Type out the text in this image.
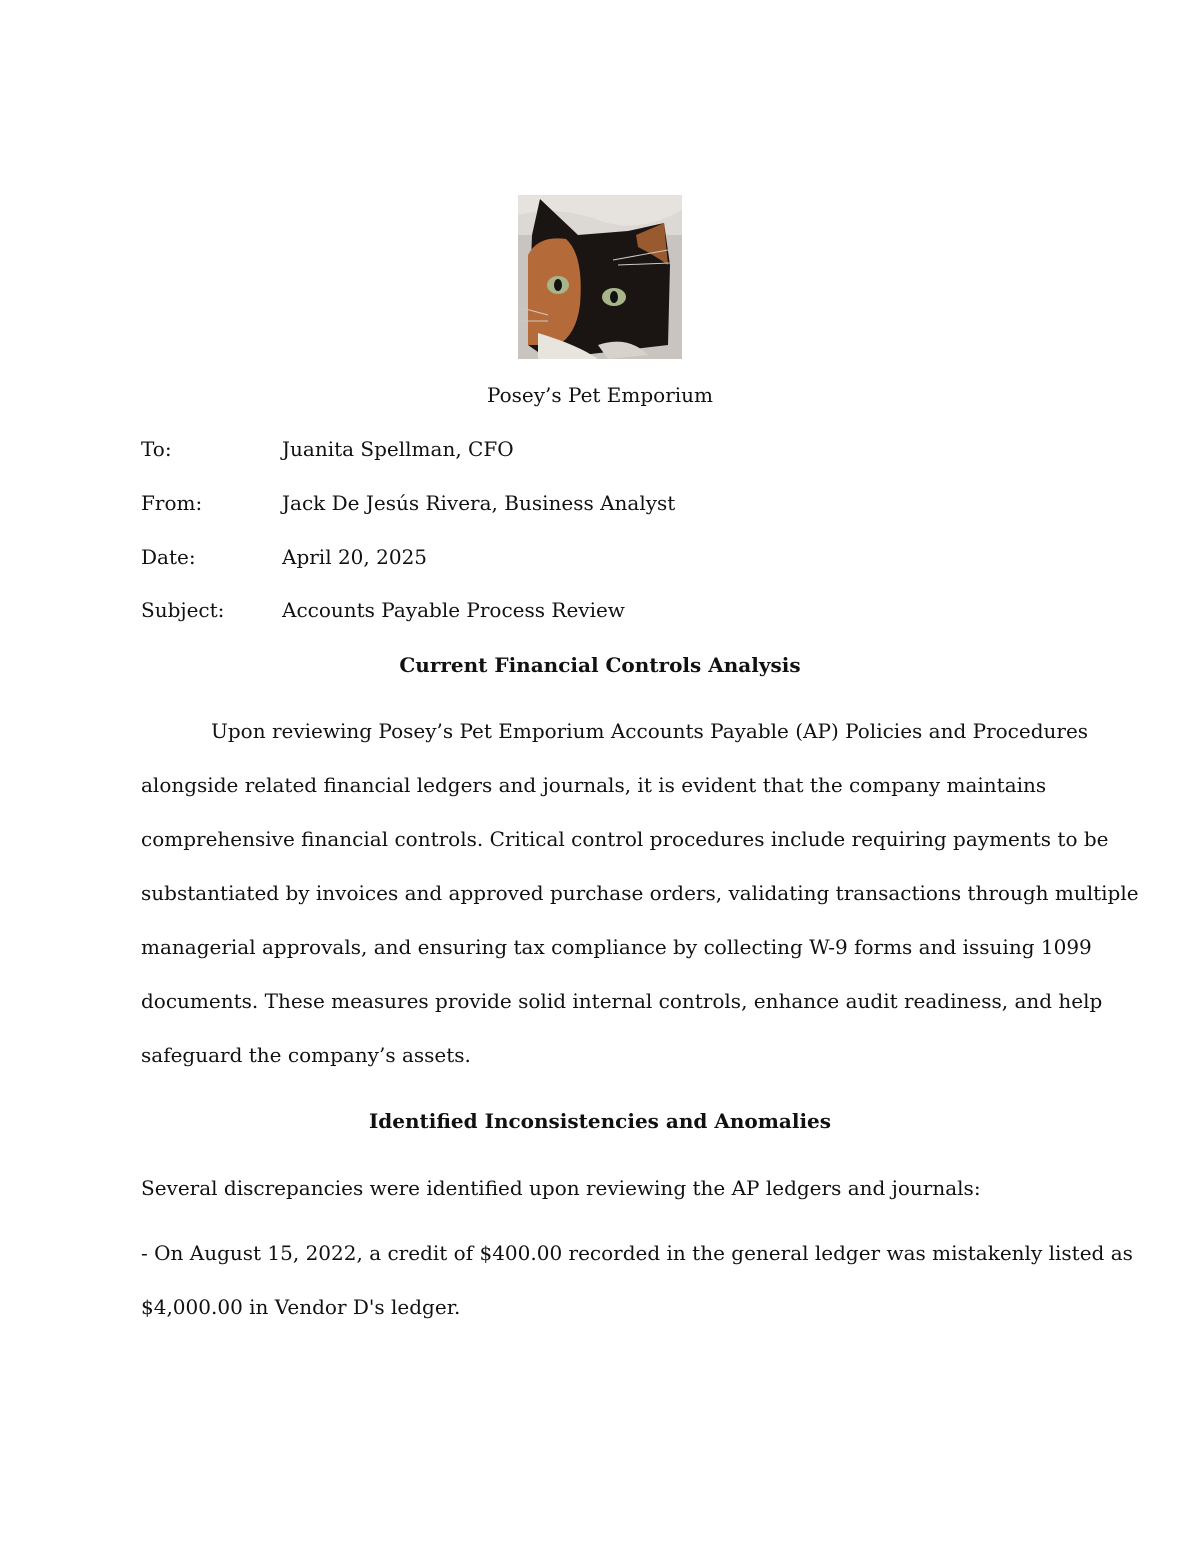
Posey’s Pet Emporium
To:	Juanita Spellman, CFO
From:	Jack De Jesús Rivera, Business Analyst
Date:	April 20, 2025
Subject:	Accounts Payable Process Review
Current Financial Controls Analysis
Upon reviewing Posey’s Pet Emporium Accounts Payable (AP) Policies and Procedures
alongside related financial ledgers and journals, it is evident that the company maintains
comprehensive financial controls. Critical control procedures include requiring payments to be
substantiated by invoices and approved purchase orders, validating transactions through multiple
managerial approvals, and ensuring tax compliance by collecting W-9 forms and issuing 1099
documents. These measures provide solid internal controls, enhance audit readiness, and help
safeguard the company’s assets.
Identified Inconsistencies and Anomalies
Several discrepancies were identified upon reviewing the AP ledgers and journals:
- On August 15, 2022, a credit of $400.00 recorded in the general ledger was mistakenly listed as
$4,000.00 in Vendor D's ledger.
